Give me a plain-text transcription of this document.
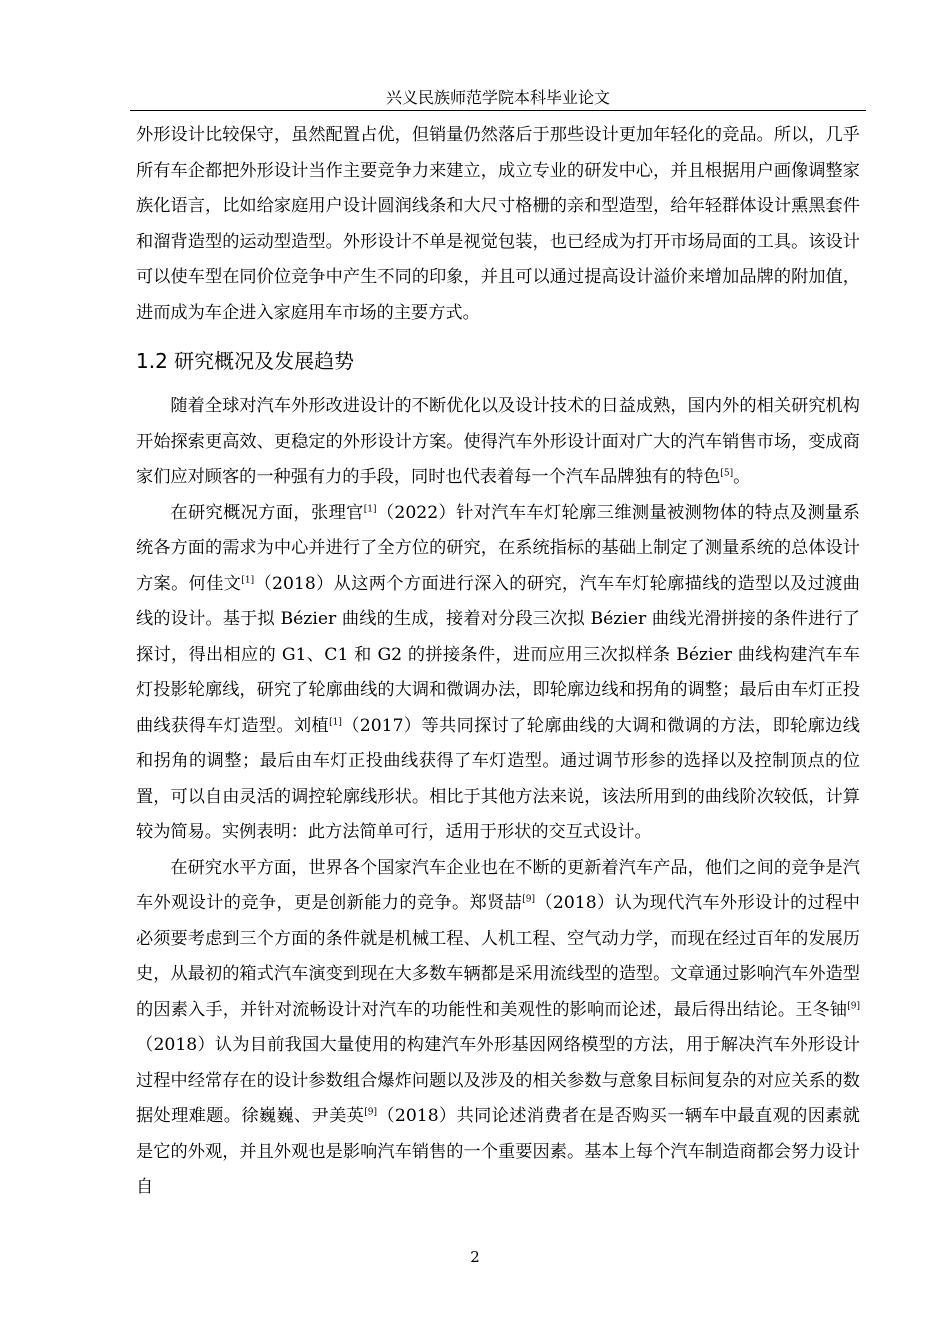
兴义民族师范学院本科毕业论文

外形设计比较保守，虽然配置占优，但销量仍然落后于那些设计更加年轻化的竞品。所以，几乎所有车企都把外形设计当作主要竞争力来建立，成立专业的研发中心，并且根据用户画像调整家族化语言，比如给家庭用户设计圆润线条和大尺寸格栅的亲和型造型，给年轻群体设计熏黑套件和溜背造型的运动型造型。外形设计不单是视觉包装，也已经成为打开市场局面的工具。该设计可以使车型在同价位竞争中产生不同的印象，并且可以通过提高设计溢价来增加品牌的附加值，进而成为车企进入家庭用车市场的主要方式。

1.2 研究概况及发展趋势

随着全球对汽车外形改进设计的不断优化以及设计技术的日益成熟，国内外的相关研究机构开始探索更高效、更稳定的外形设计方案。使得汽车外形设计面对广大的汽车销售市场，变成商家们应对顾客的一种强有力的手段，同时也代表着每一个汽车品牌独有的特色[5]。

在研究概况方面，张理官[1]（2022）针对汽车车灯轮廓三维测量被测物体的特点及测量系统各方面的需求为中心并进行了全方位的研究，在系统指标的基础上制定了测量系统的总体设计方案。何佳文[1]（2018）从这两个方面进行深入的研究，汽车车灯轮廓描线的造型以及过渡曲线的设计。基于拟 Bézier 曲线的生成，接着对分段三次拟 Bézier 曲线光滑拼接的条件进行了探讨，得出相应的 G1、C1 和 G2 的拼接条件，进而应用三次拟样条 Bézier 曲线构建汽车车灯投影轮廓线，研究了轮廓曲线的大调和微调办法，即轮廓边线和拐角的调整；最后由车灯正投曲线获得车灯造型。刘植[1]（2017）等共同探讨了轮廓曲线的大调和微调的方法，即轮廓边线和拐角的调整；最后由车灯正投曲线获得了车灯造型。通过调节形参的选择以及控制顶点的位置，可以自由灵活的调控轮廓线形状。相比于其他方法来说，该法所用到的曲线阶次较低，计算较为简易。实例表明：此方法简单可行，适用于形状的交互式设计。

在研究水平方面，世界各个国家汽车企业也在不断的更新着汽车产品，他们之间的竞争是汽车外观设计的竞争，更是创新能力的竞争。郑贤喆[9]（2018）认为现代汽车外形设计的过程中必须要考虑到三个方面的条件就是机械工程、人机工程、空气动力学，而现在经过百年的发展历史，从最初的箱式汽车演变到现在大多数车辆都是采用流线型的造型。文章通过影响汽车外造型的因素入手，并针对流畅设计对汽车的功能性和美观性的影响而论述，最后得出结论。王冬铀[9]（2018）认为目前我国大量使用的构建汽车外形基因网络模型的方法，用于解决汽车外形设计过程中经常存在的设计参数组合爆炸问题以及涉及的相关参数与意象目标间复杂的对应关系的数据处理难题。徐巍巍、尹美英[9]（2018）共同论述消费者在是否购买一辆车中最直观的因素就是它的外观，并且外观也是影响汽车销售的一个重要因素。基本上每个汽车制造商都会努力设计自

2
